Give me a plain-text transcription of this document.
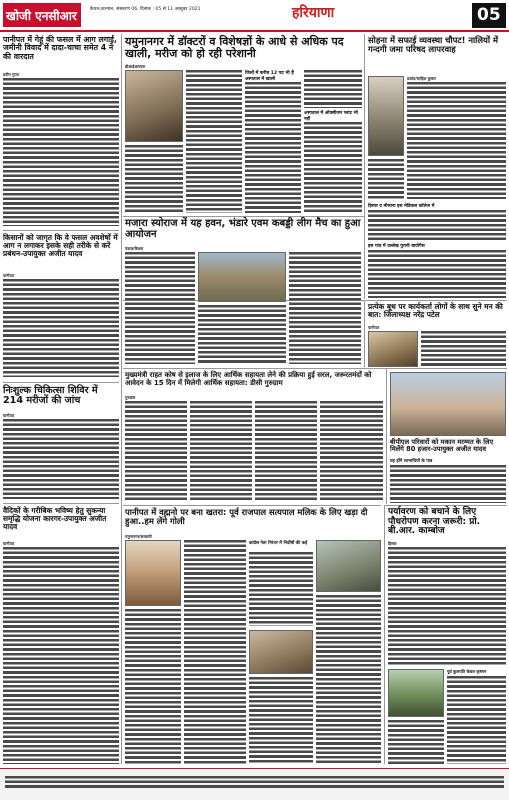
खोजी एनसीआर	कैथल,करनाल, संस्करण 06, दिनांक : 05 से 11 अक्टूबर 2021	हरियाणा	05
पानीपत में गेहूं की फसल में आग लगाई, जमीनी विवाद में दादा-चाचा समेत 4 ने की वारदात
प्रवीन गुप्ता
किसानों को जागृत कि वे फसल अवशेषों में आग न लगाकर इसके सही तरीके से करें प्रबंधन-उपायुक्त अजीत यादव
पानीपत
निःशुल्क चिकित्सा शिविर में 214 मरीजों की जांच
पानीपत
वैदिकों के गरीबिक भविष्य हेतु सुकन्या समृद्धि योजना कारगर-उपायुक्त अजीत यादव
पानीपत
यमुनानगर में डॉक्टरों व विशेषज्ञों के आधे से अधिक पद खाली, मरीज को हो रही परेशानी
डीआईआरएफ
जिलों में करीब 12 पद भी हैं अस्पताल में खाली
अस्पताल में ऑक्सीजन प्लांट भी नहीं
सोहना में सफाई व्यवस्था चौपट! नालियों में गन्दगी जमा परिषद लापरवाह
प्रशांत/साहिल कुमार
हिसार व मौलाना इस मेडिकल कॉलेज में
इस गांव में उल्लेख पुरानी बायोगैस
मजारा स्योराज में यह हवन, भंडारे एवम कबड्डी लीग मैच का हुआ आयोजन
पंकज/कैथल
प्रत्येक बूथ पर कार्यकर्ता लोगों के साथ सुने मन की बात: जिलाध्यक्ष नरेंद्र पटेल
पानीपत
मुख्यमंत्री राहत कोष से इलाज के लिए आर्थिक सहायता लेने की प्रक्रिया हुई सरल, जरूरतमंदों को आवेदन के 15 दिन में मिलेगी आर्थिक सहायता: डीसी गुरुग्राम
गुरुग्राम
बीपीएल परिवारों को मकान मरम्मत के लिए मिलेंगे 80 हजार-उपायुक्त अजीत यादव
यह होंगे लाभाथियों के पात्र
पानीपत में वह्मनो पर बना खतरा: पूर्व राजपाल सत्यपाल मलिक के लिए खड़ा दी हुआ..हम लेंगे गोली
यमुनानगर/सरकारी
कांग्रेस नेता निरंतर में निर्दोषों की कई
पर्यावरण को बचाने के लिए पौधरोपण करना जरूरी: प्रो. बी.आर. काम्बोज
हिसार
पूर्व कुलपति केवल कृष्णन
